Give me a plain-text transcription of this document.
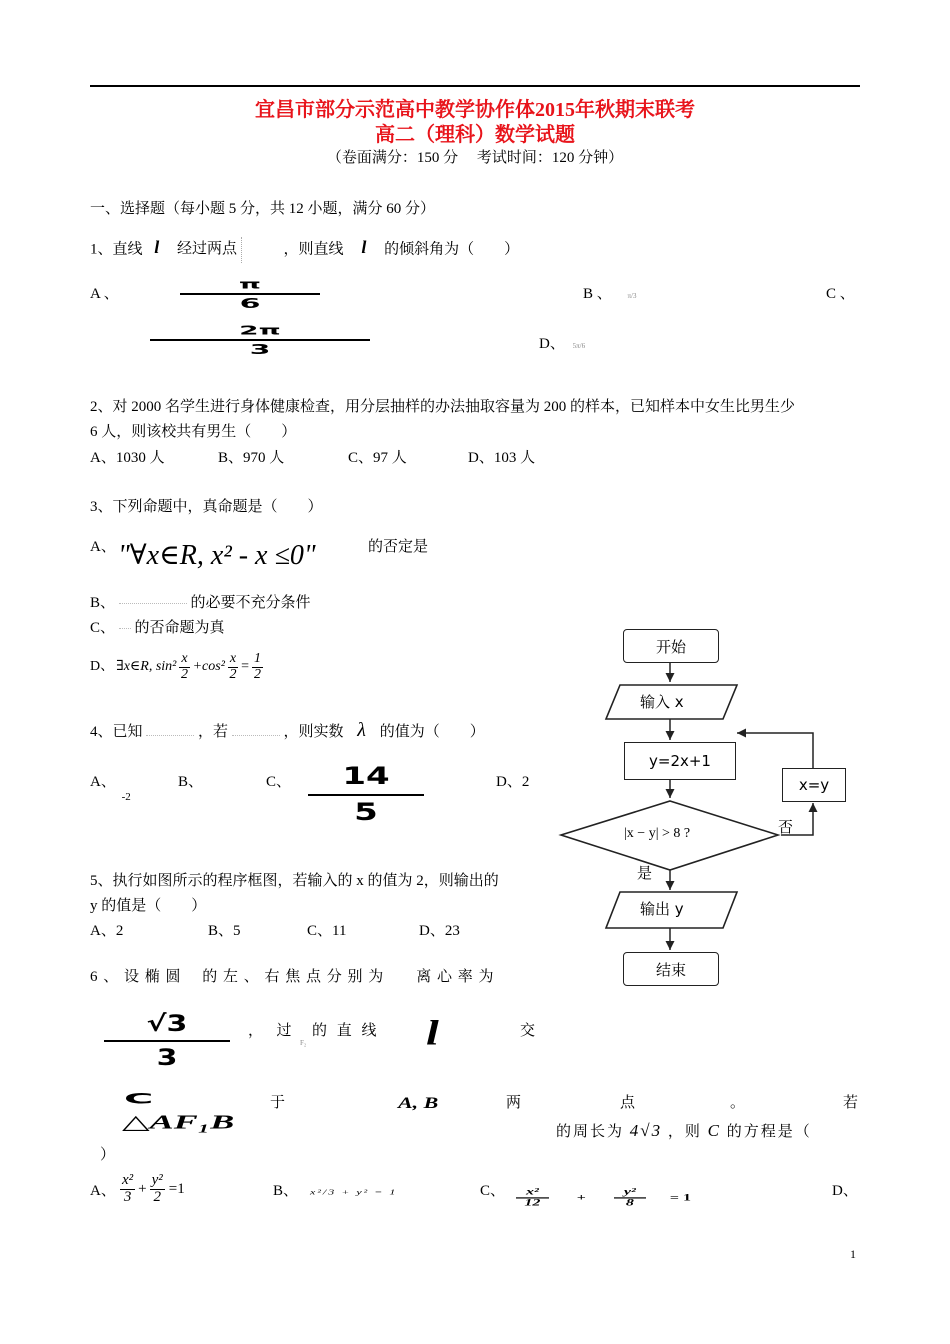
宜昌市部分示范高中教学协作体2015年秋期末联考
高二（理科）数学试题
（卷面满分：150 分　 考试时间：120 分钟）
一、选择题（每小题 5 分，共 12 小题，满分 60 分）
1、直线 l 经过两点	，则直线 l 的倾斜角为（　　）
A 、
π
6
2π
3
B 、 π/3	C 、
D、 5π/6
2、对 2000 名学生进行身体健康检查，用分层抽样的办法抽取容量为 200 的样本，已知样本中女生比男生少
6 人，则该校共有男生（　　）
A、1030 人	B、970 人	C、97 人	D、103 人
3、下列命题中，真命题是（　　）
A、 "∀x∈R, x² - x ≤0"	的否定是
B、	的必要不充分条件
C、 的否命题为真
D、 ∃x∈R, $\sin^2 \frac{x}{2} +\cos^2 \frac{x}{2} = \frac{1}{2}$
4、已知	，若	，则实数 λ 的值为（　　）
A、 $_{-2}$
B、	C、 14
5
D、2
5、执行如图所示的程序框图，若输入的 x 的值为 2，则输出的
y 的值是（　　）
A、2	B、5	C、11	D、23
开始
输入 x
y=2x+1
x=y
|x − y| > 8 ?	否
是
输出 y
结束
6 、 设 椭 圆　 的 左 、 右 焦 点 分 别 为　　离 心 率 为
√3
3
，　过
F₂
的 直 线 l	交
C	于	A, B	两	点	。	若
△AF₁B	的周长为 4√3 ，则 C 的方程是（
）
A、 $\frac{\text{x²}}{3} + \frac{\text{y²}}{2} =1$	B、 x²/3 + y² = 1	C、 $\frac{\text{x²}}{12} + \frac{\text{y²}}{8} = 1$	D、
1
